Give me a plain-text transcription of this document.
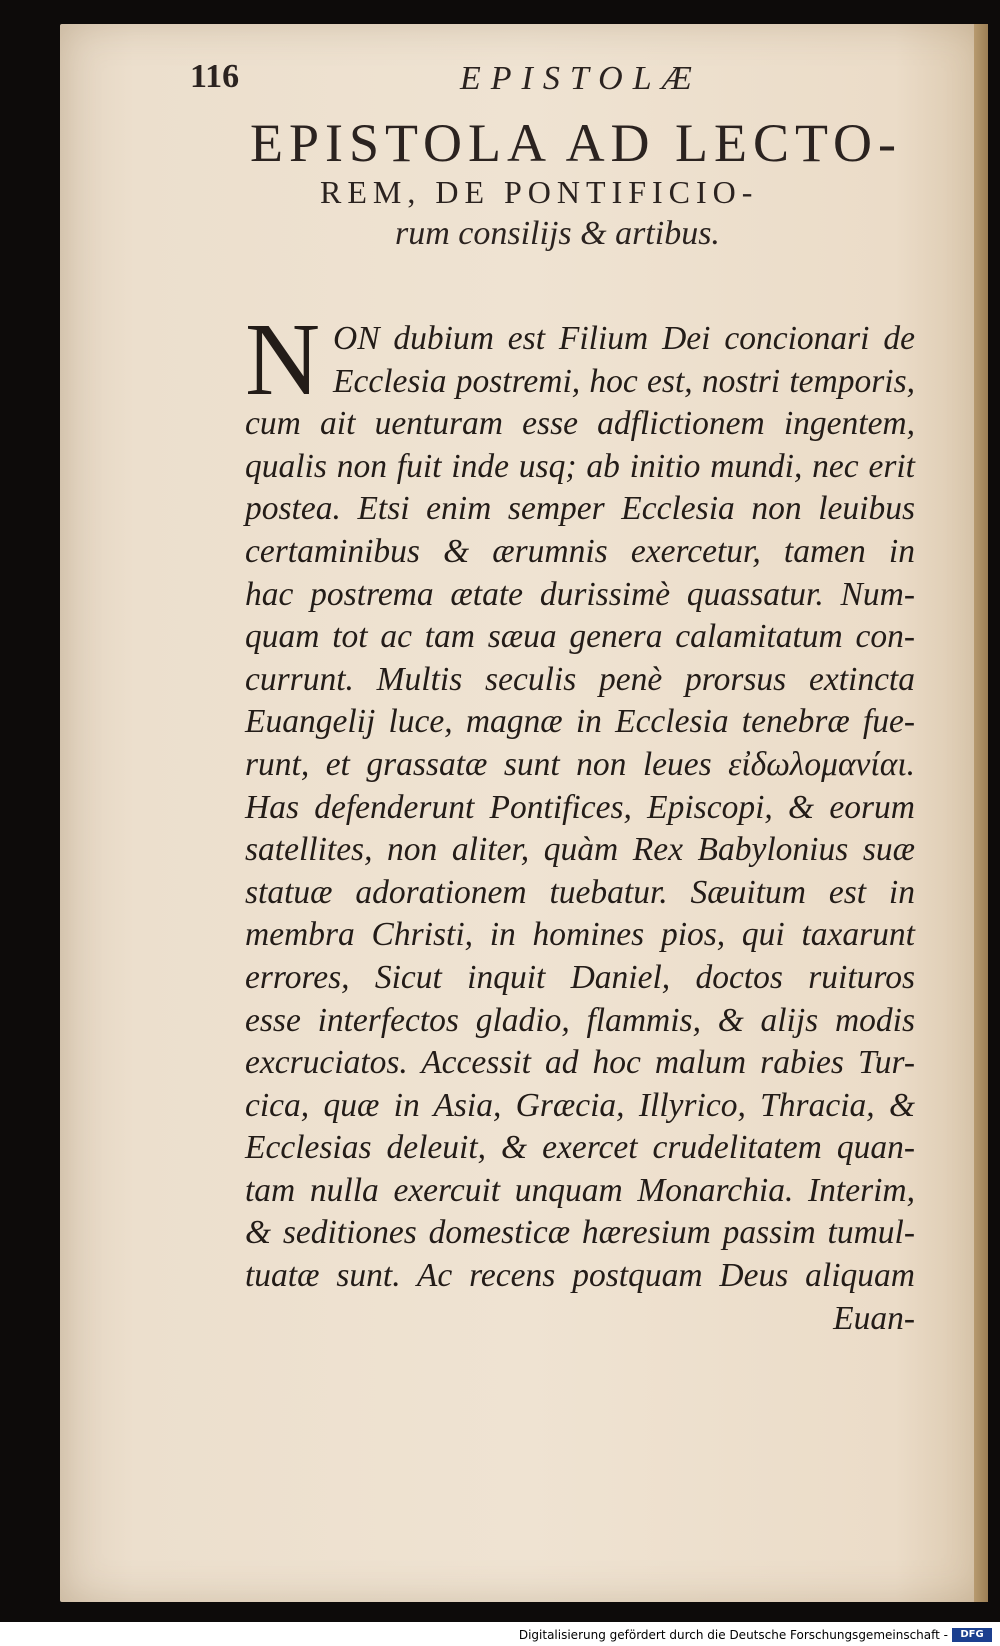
116	EPISTOLÆ
EPISTOLA AD LECTO-
REM, DE PONTIFICIO-
rum consilijs & artibus.
N ON dubium est Filium Dei concionari de
Ecclesia postremi, hoc est, nostri temporis,
cum ait uenturam esse adflictionem ingentem,
qualis non fuit inde usq; ab initio mundi, nec erit
postea. Etsi enim semper Ecclesia non leuibus
certaminibus & ærumnis exercetur, tamen in
hac postrema ætate durissimè quassatur. Num-
quam tot ac tam sæua genera calamitatum con-
currunt. Multis seculis penè prorsus extincta
Euangelij luce, magnæ in Ecclesia tenebræ fue-
runt, et grassatæ sunt non leues εἰδωλομανίαι.
Has defenderunt Pontifices, Episcopi, & eorum
satellites, non aliter, quàm Rex Babylonius suæ
statuæ adorationem tuebatur. Sæuitum est in
membra Christi, in homines pios, qui taxarunt
errores, Sicut inquit Daniel, doctos ruituros
esse interfectos gladio, flammis, & alijs modis
excruciatos. Accessit ad hoc malum rabies Tur-
cica, quæ in Asia, Græcia, Illyrico, Thracia, &
Ecclesias deleuit, & exercet crudelitatem quan-
tam nulla exercuit unquam Monarchia. Interim,
& seditiones domesticæ hæresium passim tumul-
tuatæ sunt. Ac recens postquam Deus aliquam
Euan-
Digitalisierung gefördert durch die Deutsche Forschungsgemeinschaft -	DFG
